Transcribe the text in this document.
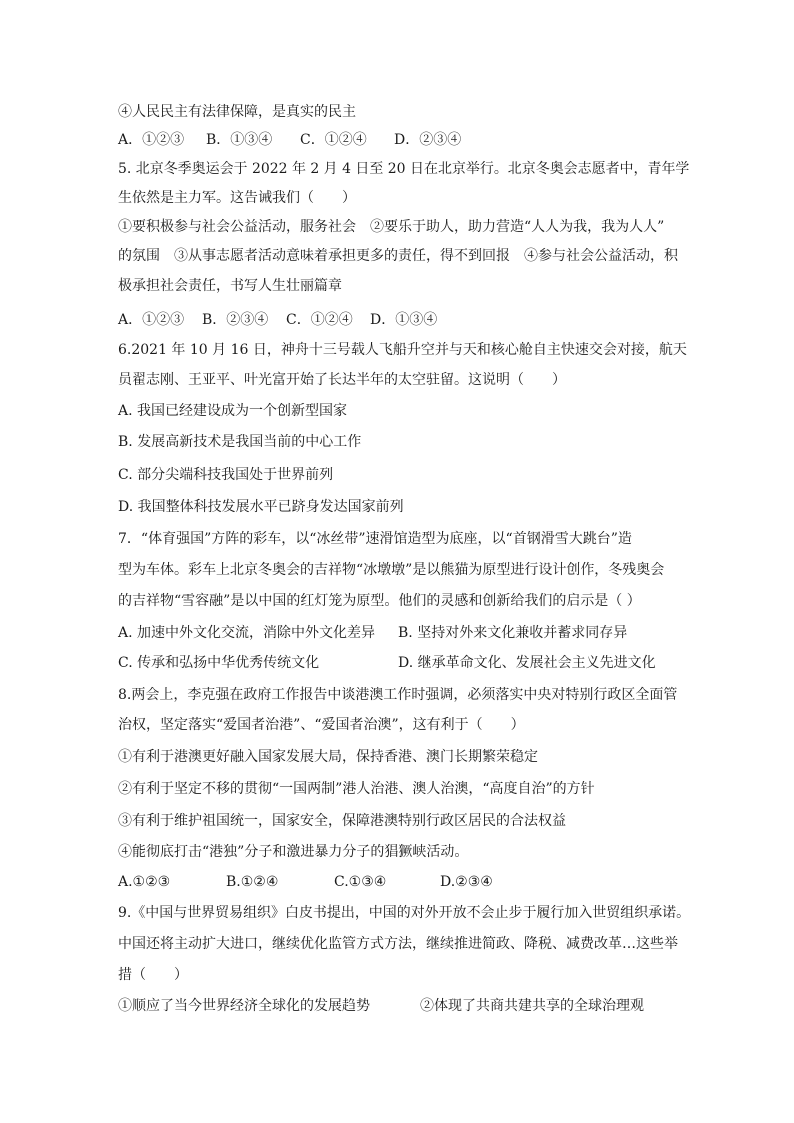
④人民民主有法律保障，是真实的民主
A．①②③ B．①③④ C．①②④ D．②③④
5. 北京冬季奥运会于 2022 年 2 月 4 日至 20 日在北京举行。北京冬奥会志愿者中，青年学
生依然是主力军。这告诫我们（　　）
①要积极参与社会公益活动，服务社会　②要乐于助人，助力营造“人人为我，我为人人”
的氛围　③从事志愿者活动意味着承担更多的责任，得不到回报　④参与社会公益活动，积
极承担社会责任，书写人生壮丽篇章
A．①②③ B．②③④ C．①②④ D．①③④
6.2021 年 10 月 16 日，神舟十三号载人飞船升空并与天和核心舱自主快速交会对接，航天
员翟志刚、王亚平、叶光富开始了长达半年的太空驻留。这说明（　　）
A. 我国已经建设成为一个创新型国家
B. 发展高新技术是我国当前的中心工作
C. 部分尖端科技我国处于世界前列
D. 我国整体科技发展水平已跻身发达国家前列
7．“体育强国”方阵的彩车，以“冰丝带”速滑馆造型为底座，以“首钢滑雪大跳台”造
型为车体。彩车上北京冬奥会的吉祥物“冰墩墩”是以熊猫为原型进行设计创作，冬残奥会
的吉祥物“雪容融”是以中国的红灯笼为原型。他们的灵感和创新给我们的启示是（ ）
A. 加速中外文化交流，消除中外文化差异 B. 坚持对外来文化兼收并蓄求同存异
C. 传承和弘扬中华优秀传统文化	D. 继承革命文化、发展社会主义先进文化
8.两会上，李克强在政府工作报告中谈港澳工作时强调，必须落实中央对特别行政区全面管
治权，坚定落实“爱国者治港”、“爱国者治澳”，这有利于（　　）
①有利于港澳更好融入国家发展大局，保持香港、澳门长期繁荣稳定
②有利于坚定不移的贯彻“一国两制”港人治港、澳人治澳，“高度自治”的方针
③有利于维护祖国统一，国家安全，保障港澳特别行政区居民的合法权益
④能彻底打击“港独”分子和激进暴力分子的猖獗峡活动。
A.①②③	B.①②④	C.①③④	D.②③④
9.《中国与世界贸易组织》白皮书提出，中国的对外开放不会止步于履行加入世贸组织承诺。
中国还将主动扩大进口，继续优化监管方式方法，继续推进简政、降税、减费改革…这些举
措（　　）
①顺应了当今世界经济全球化的发展趋势	②体现了共商共建共享的全球治理观
